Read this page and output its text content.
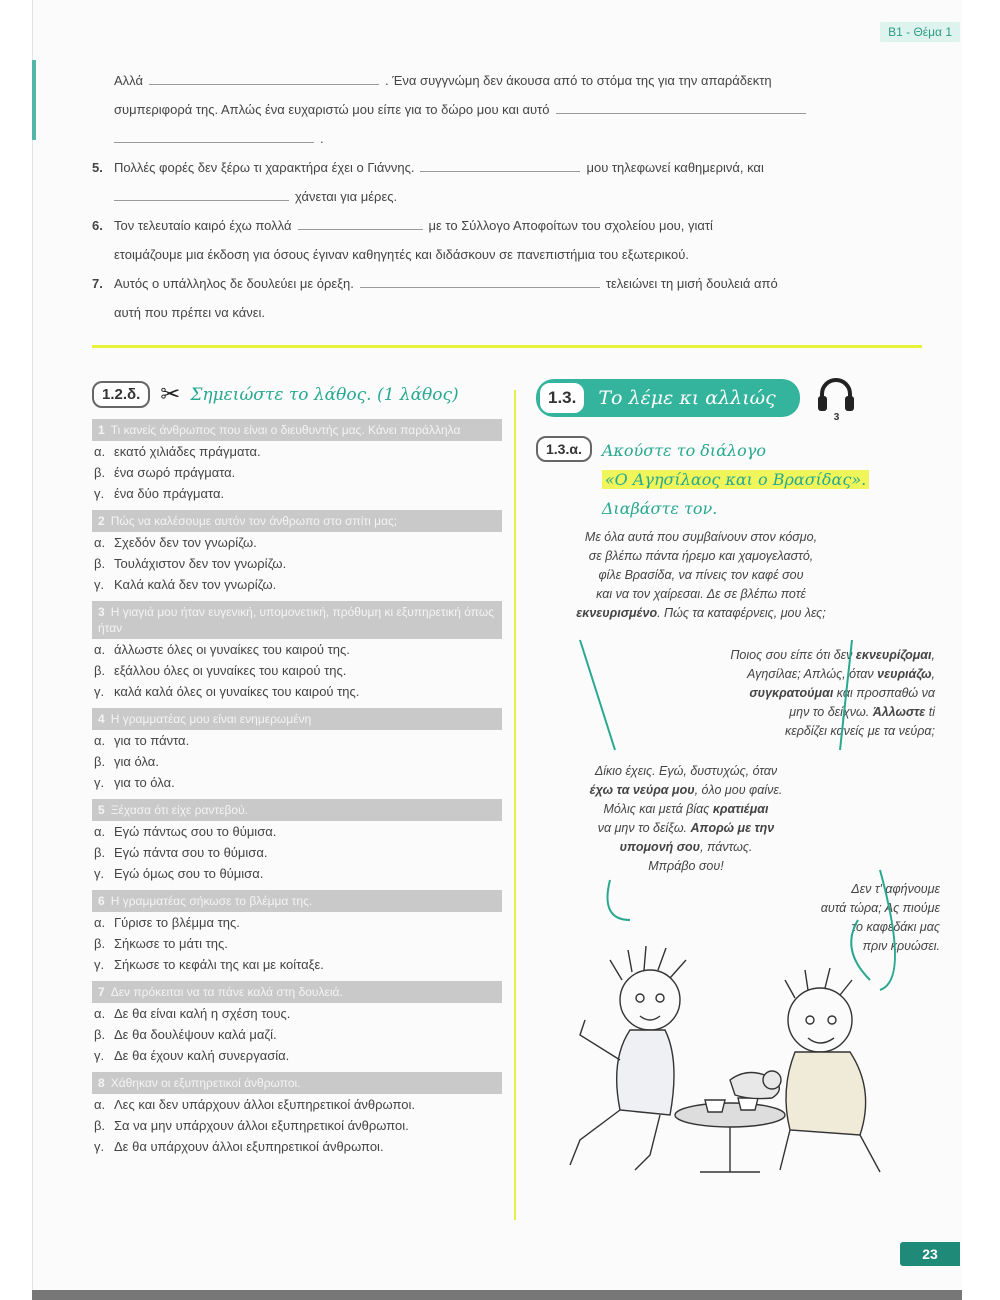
B1 - Θέμα 1
Αλλά	. Ένα συγγνώμη δεν άκουσα από το στόμα της για την απαράδεκτη
συμπεριφορά της. Απλώς ένα ευχαριστώ μου είπε για το δώρο μου και αυτό
.
5. Πολλές φορές δεν ξέρω τι χαρακτήρα έχει ο Γιάννης.	μου τηλεφωνεί καθημερινά, και
χάνεται για μέρες.
6. Τον τελευταίο καιρό έχω πολλά	με το Σύλλογο Αποφοίτων του σχολείου μου, γιατί
ετοιμάζουμε μια έκδοση για όσους έγιναν καθηγητές και διδάσκουν σε πανεπιστήμια του εξωτερικού.
7. Αυτός ο υπάλληλος δε δουλεύει με όρεξη.	τελειώνει τη μισή δουλειά από
αυτή που πρέπει να κάνει.
1.2.δ. ✂ Σημειώστε το λάθος. (1 λάθος)
1 Τι κανείς άνθρωπος που είναι ο διευθυντής μας. Κάνει παράλληλα
α. εκατό χιλιάδες πράγματα.
β. ένα σωρό πράγματα.
γ. ένα δύο πράγματα.
2 Πώς να καλέσουμε αυτόν τον άνθρωπο στο σπίτι μας;
α. Σχεδόν δεν τον γνωρίζω.
β. Τουλάχιστον δεν τον γνωρίζω.
γ. Καλά καλά δεν τον γνωρίζω.
3 Η γιαγιά μου ήταν ευγενική, υπομονετική, πρόθυμη κι εξυπηρετική όπως ήταν
α. άλλωστε όλες οι γυναίκες του καιρού της.
β. εξάλλου όλες οι γυναίκες του καιρού της.
γ. καλά καλά όλες οι γυναίκες του καιρού της.
4 Η γραμματέας μου είναι ενημερωμένη
α. για το πάντα.
β. για όλα.
γ. για το όλα.
5 Ξέχασα ότι είχε ραντεβού.
α. Εγώ πάντως σου το θύμισα.
β. Εγώ πάντα σου το θύμισα.
γ. Εγώ όμως σου το θύμισα.
6 Η γραμματέας σήκωσε το βλέμμα της.
α. Γύρισε το βλέμμα της.
β. Σήκωσε το μάτι της.
γ. Σήκωσε το κεφάλι της και με κοίταξε.
7 Δεν πρόκειται να τα πάνε καλά στη δουλειά.
α. Δε θα είναι καλή η σχέση τους.
β. Δε θα δουλέψουν καλά μαζί.
γ. Δε θα έχουν καλή συνεργασία.
8 Χάθηκαν οι εξυπηρετικοί άνθρωποι.
α. Λες και δεν υπάρχουν άλλοι εξυπηρετικοί άνθρωποι.
β. Σα να μην υπάρχουν άλλοι εξυπηρετικοί άνθρωποι.
γ. Δε θα υπάρχουν άλλοι εξυπηρετικοί άνθρωποι.
1.3.	Το λέμε κι αλλιώς
3
1.3.α.	Ακούστε το διάλογο
«Ο Αγησίλαος και ο Βρασίδας».
Διαβάστε τον.
Με όλα αυτά που συμβαίνουν στον κόσμο,
σε βλέπω πάντα ήρεμο και χαμογελαστό,
φίλε Βρασίδα, να πίνεις τον καφέ σου
και να τον χαίρεσαι. Δε σε βλέπω ποτέ
εκνευρισμένο. Πώς τα καταφέρνεις, μου λες;
Ποιος σου είπε ότι δεν εκνευρίζομαι,
Αγησίλαε; Απλώς, όταν νευριάζω,
συγκρατούμαι και προσπαθώ να
μην το δείχνω. Άλλωστε ti
κερδίζει κανείς με τα νεύρα;
Δίκιο έχεις. Εγώ, δυστυχώς, όταν
έχω τα νεύρα μου, όλο μου φαίνε.
Μόλις και μετά βίας κρατιέμαι
να μην το δείξω. Απορώ με την
υπομονή σου, πάντως.
Μπράβο σου!
Δεν τ' αφήνουμε
αυτά τώρα; Ας πιούμε
το καφεδάκι μας
πριν κρυώσει.
23
